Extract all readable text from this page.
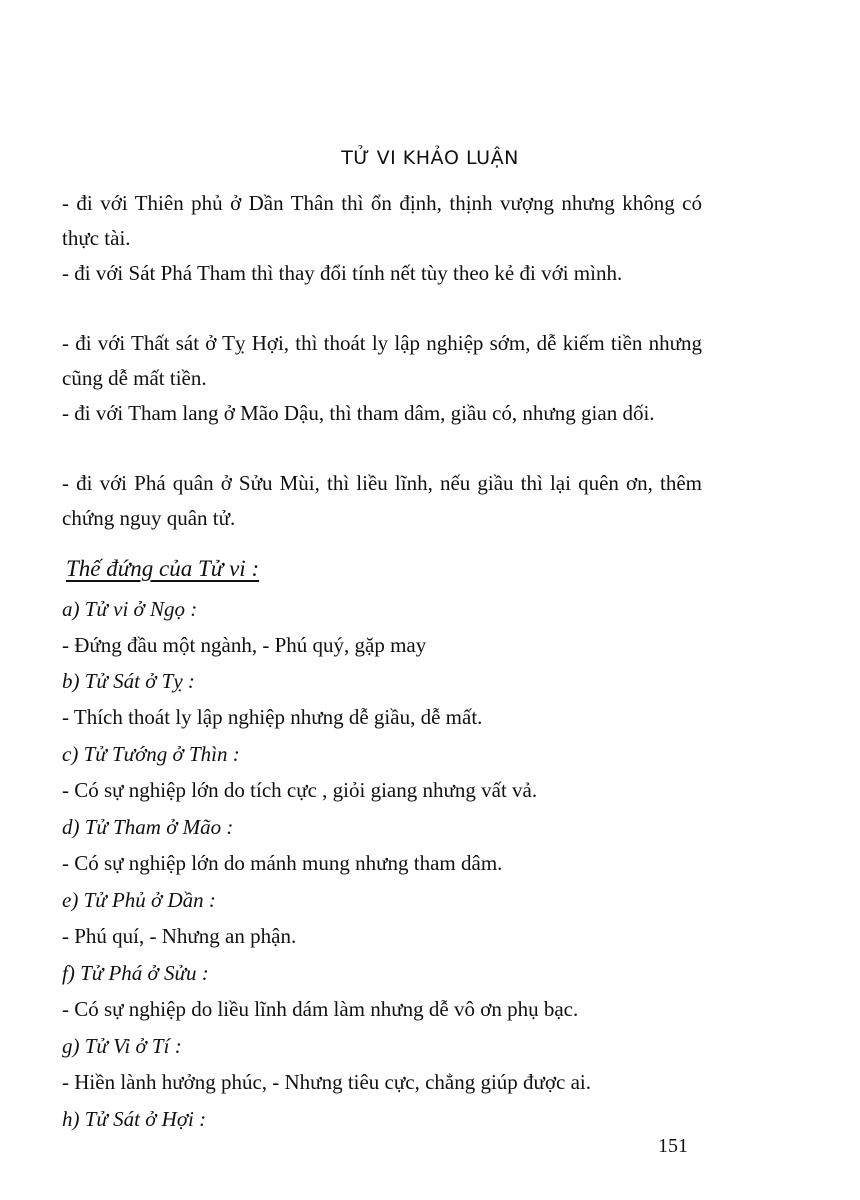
TỬ VI KHẢO LUẬN

- đi với Thiên phủ ở Dần Thân thì ổn định, thịnh vượng nhưng không có thực tài.

- đi với Sát Phá Tham thì thay đổi tính nết tùy theo kẻ đi với mình.

- đi với Thất sát ở Tỵ Hợi, thì thoát ly lập nghiệp sớm, dễ kiếm tiền nhưng cũng dễ mất tiền.

- đi với Tham lang ở Mão Dậu, thì tham dâm, giầu có, nhưng gian dối.

- đi với Phá quân ở Sửu Mùi, thì liều lĩnh, nếu giầu thì lại quên ơn, thêm chứng nguy quân tử.

Thế đứng của Tử vi :
a) Tử vi ở Ngọ :
- Đứng đầu một ngành, - Phú quý, gặp may
b) Tử Sát ở Tỵ :
- Thích thoát ly lập nghiệp nhưng dễ giầu, dễ mất.
c) Tử Tướng ở Thìn :
- Có sự nghiệp lớn do tích cực , giỏi giang nhưng vất vả.
d) Tử Tham ở Mão :
- Có sự nghiệp lớn do mánh mung nhưng tham dâm.
e) Tử Phủ ở Dần :
- Phú quí, - Nhưng an phận.
f) Tử Phá ở Sửu :
- Có sự nghiệp do liều lĩnh dám làm nhưng dễ vô ơn phụ bạc.
g) Tử Vi ở Tí :
- Hiền lành hưởng phúc, - Nhưng tiêu cực, chẳng giúp được ai.
h) Tử Sát ở Hợi :
151
